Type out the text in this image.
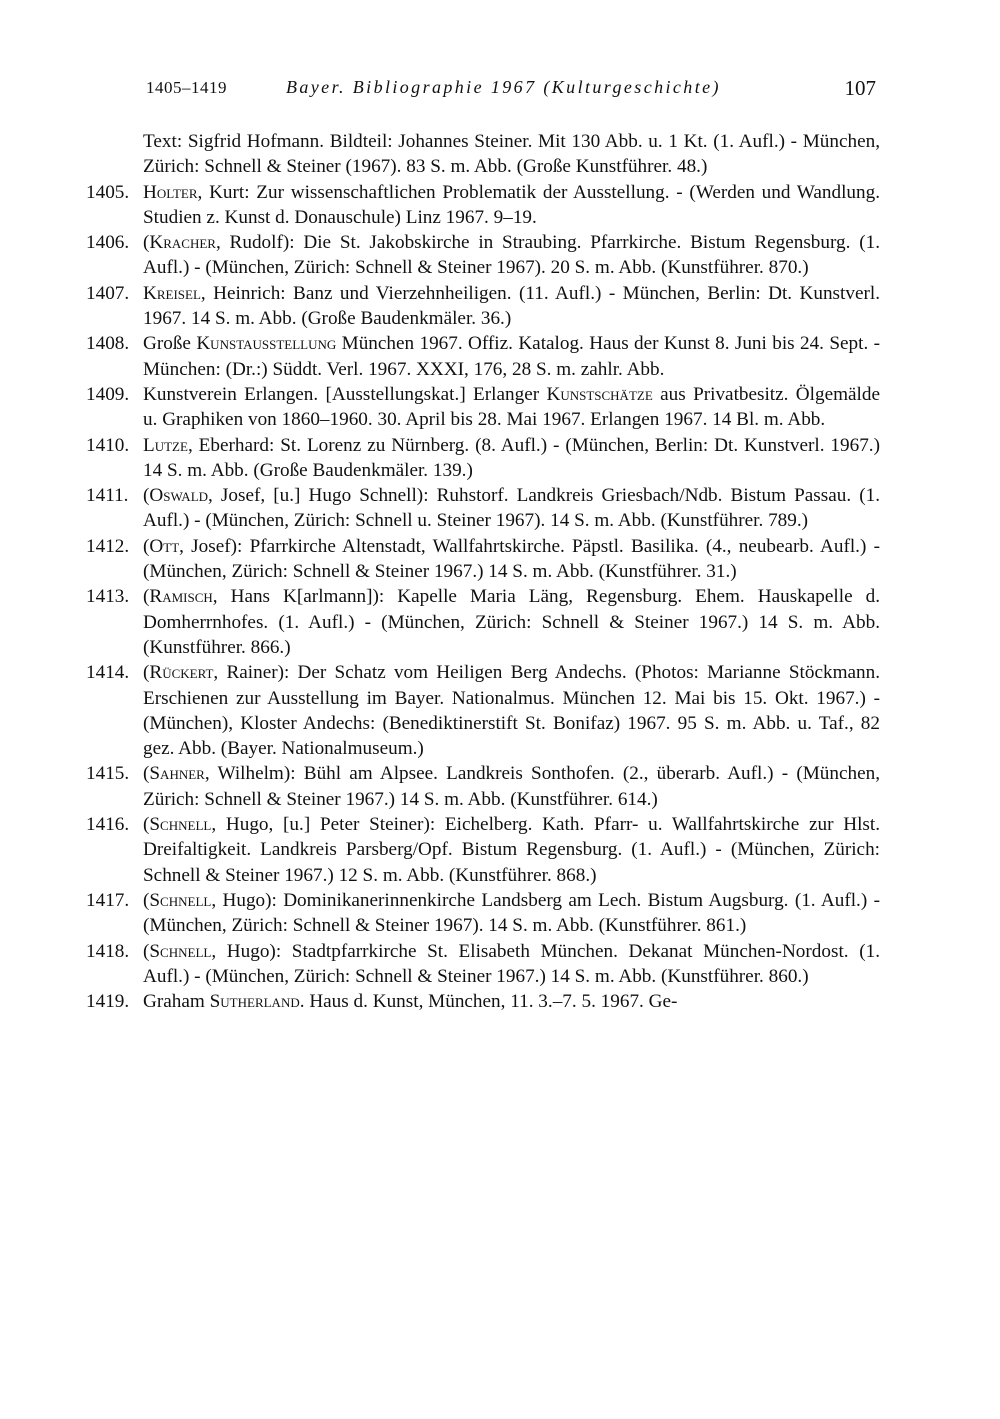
1405–1419	Bayer. Bibliographie 1967 (Kulturgeschichte)	107
Text: Sigfrid Hofmann. Bildteil: Johannes Steiner. Mit 130 Abb. u. 1 Kt. (1. Aufl.) - München, Zürich: Schnell & Steiner (1967). 83 S. m. Abb. (Große Kunstführer. 48.)
1405. Holter, Kurt: Zur wissenschaftlichen Problematik der Ausstellung. - (Werden und Wandlung. Studien z. Kunst d. Donauschule) Linz 1967. 9–19.
1406. (Kracher, Rudolf): Die St. Jakobskirche in Straubing. Pfarrkirche. Bistum Regensburg. (1. Aufl.) - (München, Zürich: Schnell & Steiner 1967). 20 S. m. Abb. (Kunstführer. 870.)
1407. Kreisel, Heinrich: Banz und Vierzehnheiligen. (11. Aufl.) - München, Berlin: Dt. Kunstverl. 1967. 14 S. m. Abb. (Große Baudenkmäler. 36.)
1408. Große Kunstausstellung München 1967. Offiz. Katalog. Haus der Kunst 8. Juni bis 24. Sept. - München: (Dr.:) Süddt. Verl. 1967. XXXI, 176, 28 S. m. zahlr. Abb.
1409. Kunstverein Erlangen. [Ausstellungskat.] Erlanger Kunstschätze aus Privatbesitz. Ölgemälde u. Graphiken von 1860–1960. 30. April bis 28. Mai 1967. Erlangen 1967. 14 Bl. m. Abb.
1410. Lutze, Eberhard: St. Lorenz zu Nürnberg. (8. Aufl.) - (München, Berlin: Dt. Kunstverl. 1967.) 14 S. m. Abb. (Große Baudenkmäler. 139.)
1411. (Oswald, Josef, [u.] Hugo Schnell): Ruhstorf. Landkreis Griesbach/Ndb. Bistum Passau. (1. Aufl.) - (München, Zürich: Schnell u. Steiner 1967). 14 S. m. Abb. (Kunstführer. 789.)
1412. (Ott, Josef): Pfarrkirche Altenstadt, Wallfahrtskirche. Päpstl. Basilika. (4., neubearb. Aufl.) - (München, Zürich: Schnell & Steiner 1967.) 14 S. m. Abb. (Kunstführer. 31.)
1413. (Ramisch, Hans K[arlmann]): Kapelle Maria Läng, Regensburg. Ehem. Hauskapelle d. Domherrnhofes. (1. Aufl.) - (München, Zürich: Schnell & Steiner 1967.) 14 S. m. Abb. (Kunstführer. 866.)
1414. (Rückert, Rainer): Der Schatz vom Heiligen Berg Andechs. (Photos: Marianne Stöckmann. Erschienen zur Ausstellung im Bayer. Nationalmus. München 12. Mai bis 15. Okt. 1967.) - (München), Kloster Andechs: (Benediktinerstift St. Bonifaz) 1967. 95 S. m. Abb. u. Taf., 82 gez. Abb. (Bayer. Nationalmuseum.)
1415. (Sahner, Wilhelm): Bühl am Alpsee. Landkreis Sonthofen. (2., überarb. Aufl.) - (München, Zürich: Schnell & Steiner 1967.) 14 S. m. Abb. (Kunstführer. 614.)
1416. (Schnell, Hugo, [u.] Peter Steiner): Eichelberg. Kath. Pfarr- u. Wallfahrtskirche zur Hlst. Dreifaltigkeit. Landkreis Parsberg/Opf. Bistum Regensburg. (1. Aufl.) - (München, Zürich: Schnell & Steiner 1967.) 12 S. m. Abb. (Kunstführer. 868.)
1417. (Schnell, Hugo): Dominikanerinnenkirche Landsberg am Lech. Bistum Augsburg. (1. Aufl.) - (München, Zürich: Schnell & Steiner 1967). 14 S. m. Abb. (Kunstführer. 861.)
1418. (Schnell, Hugo): Stadtpfarrkirche St. Elisabeth München. Dekanat München-Nordost. (1. Aufl.) - (München, Zürich: Schnell & Steiner 1967.) 14 S. m. Abb. (Kunstführer. 860.)
1419. Graham Sutherland. Haus d. Kunst, München, 11. 3.–7. 5. 1967. Ge-
